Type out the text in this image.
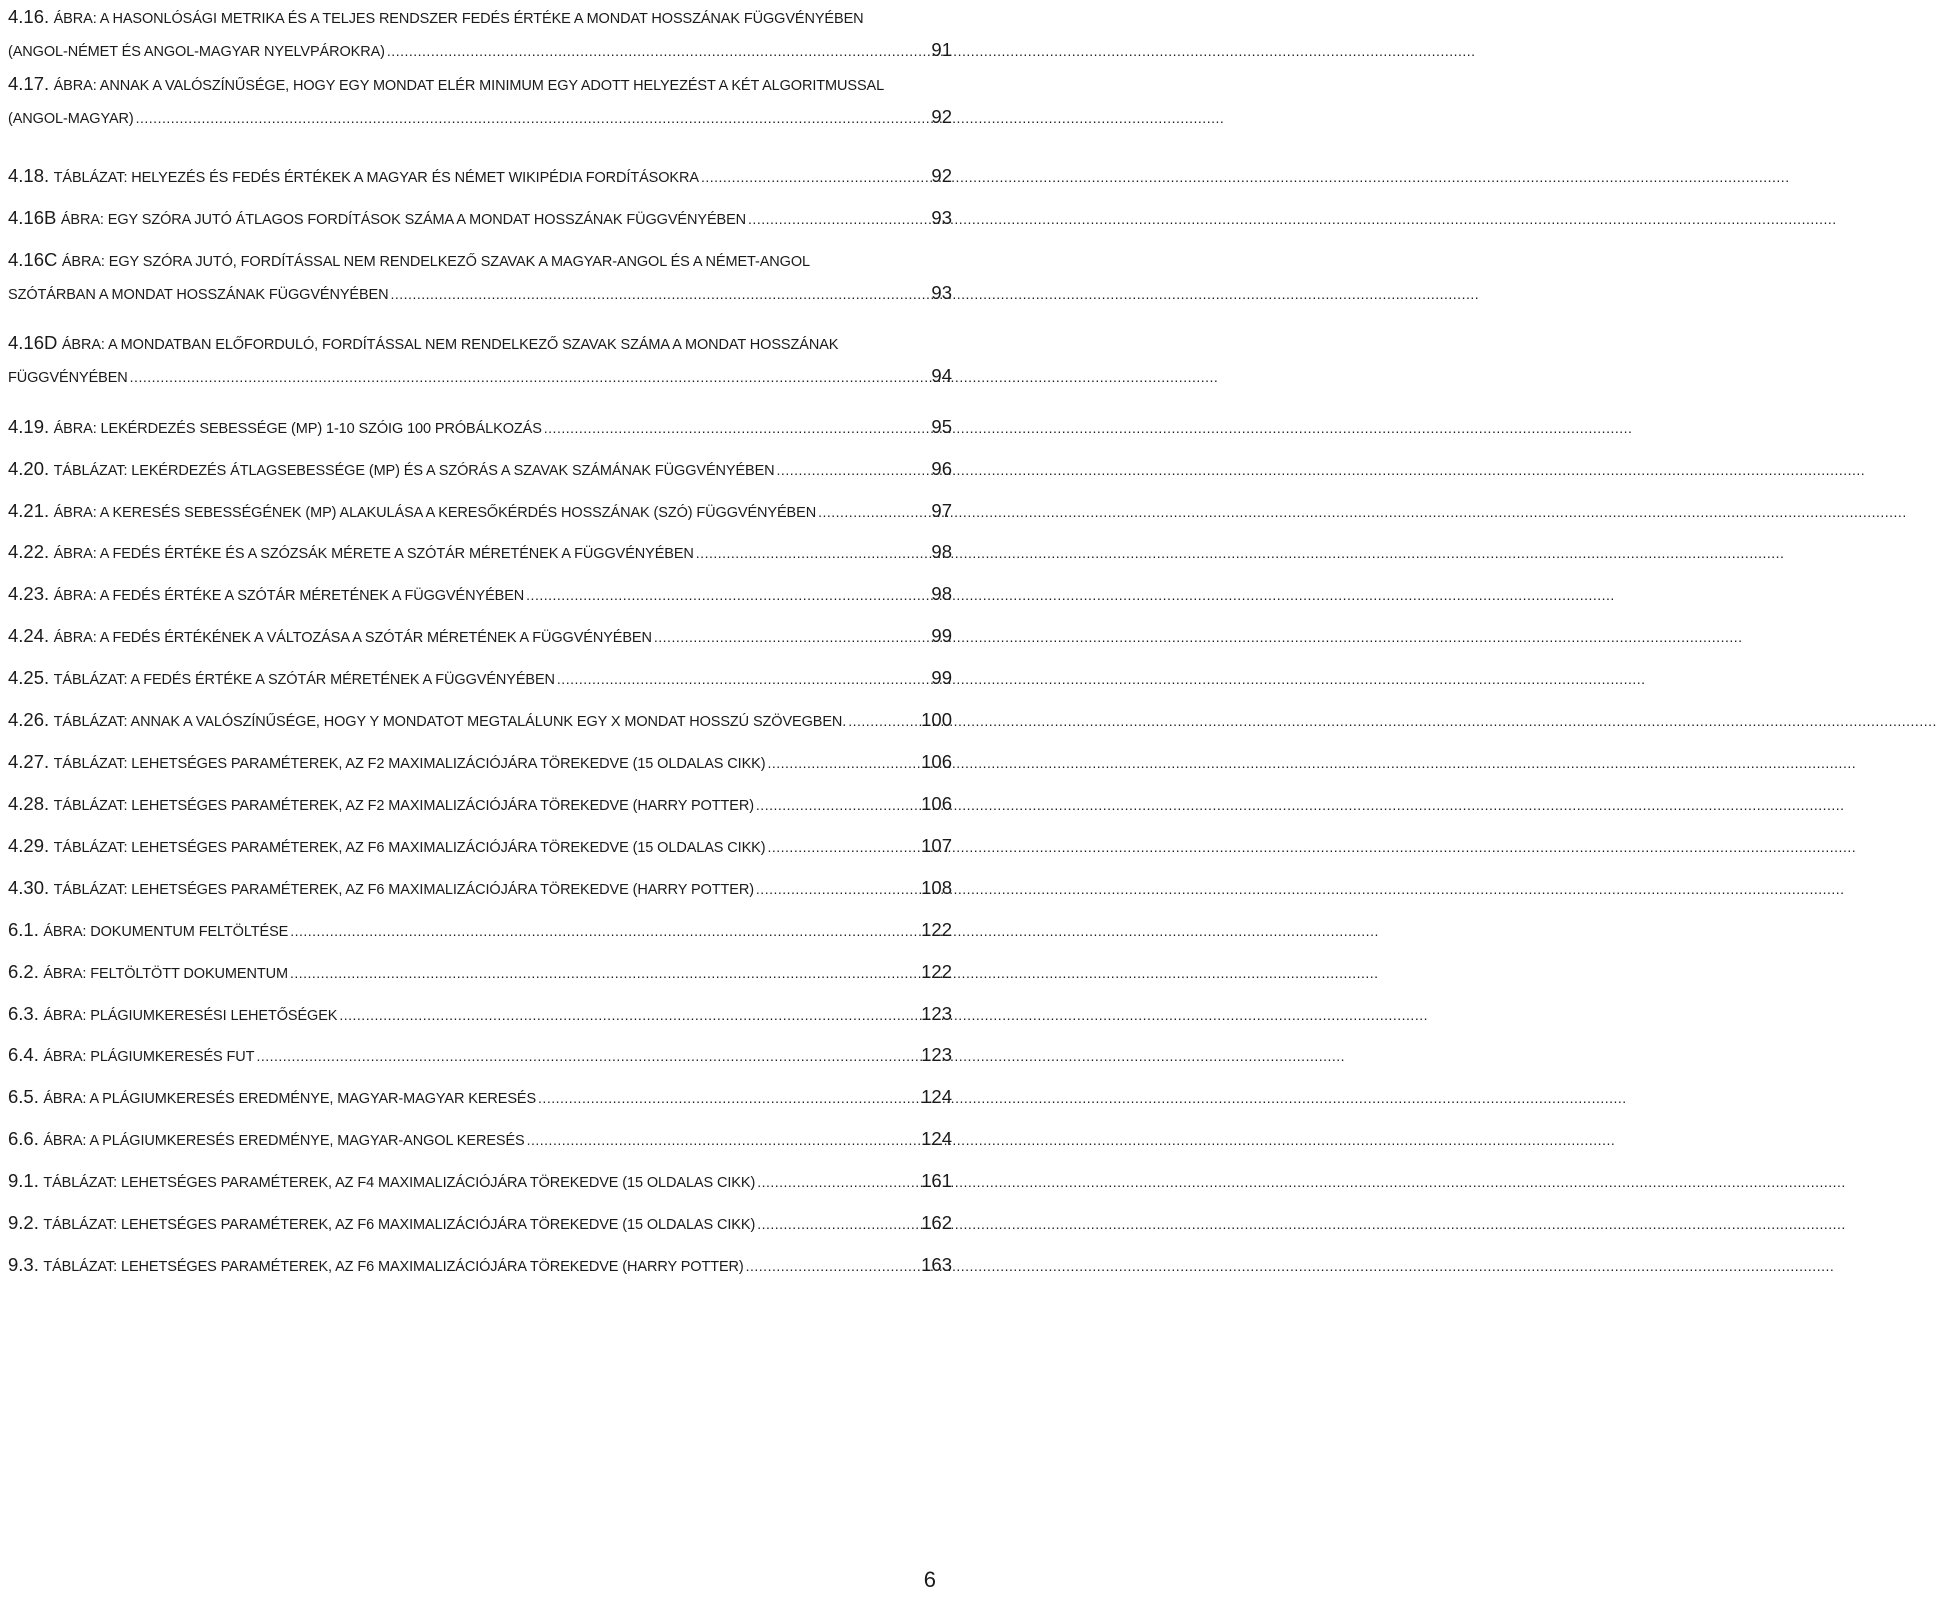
4.16. ÁBRA: A HASONLÓSÁGI METRIKA ÉS A TELJES RENDSZER FEDÉS ÉRTÉKE A MONDAT HOSSZÁNAK FÜGGVÉNYÉBEN
(ANGOL-NÉMET ÉS ANGOL-MAGYAR NYELVPÁROKRA) .....	91
4.17. ÁBRA: ANNAK A VALÓSZÍNŰSÉGE, HOGY EGY MONDAT ELÉR MINIMUM EGY ADOTT HELYEZÉST A KÉT ALGORITMUSSAL
(ANGOL-MAGYAR) .....	92
4.18. TÁBLÁZAT: HELYEZÉS ÉS FEDÉS ÉRTÉKEK A MAGYAR ÉS NÉMET WIKIPÉDIA FORDÍTÁSOKRA .....	92
4.16B ÁBRA: EGY SZÓRA JUTÓ ÁTLAGOS FORDÍTÁSOK SZÁMA A MONDAT HOSSZÁNAK FÜGGVÉNYÉBEN .....	93
4.16C ÁBRA: EGY SZÓRA JUTÓ, FORDÍTÁSSAL NEM RENDELKEZŐ SZAVAK A MAGYAR-ANGOL ÉS A NÉMET-ANGOL
SZÓTÁRBAN A MONDAT HOSSZÁNAK FÜGGVÉNYÉBEN .....	93
4.16D ÁBRA: A MONDATBAN ELŐFORDULÓ, FORDÍTÁSSAL NEM RENDELKEZŐ SZAVAK SZÁMA A MONDAT HOSSZÁNAK
FÜGGVÉNYÉBEN .....	94
4.19. ÁBRA: LEKÉRDEZÉS SEBESSÉGE (MP) 1-10 SZÓIG 100 PRÓBÁLKOZÁS .....	95
4.20. TÁBLÁZAT: LEKÉRDEZÉS ÁTLAGSEBESSÉGE (MP) ÉS A SZÓRÁS A SZAVAK SZÁMÁNAK FÜGGVÉNYÉBEN .....	96
4.21. ÁBRA: A KERESÉS SEBESSÉGÉNEK (MP) ALAKULÁSA A KERESŐKÉRDÉS HOSSZÁNAK (SZÓ) FÜGGVÉNYÉBEN .....	97
4.22. ÁBRA: A FEDÉS ÉRTÉKE ÉS A SZÓZSÁK MÉRETE A SZÓTÁR MÉRETÉNEK A FÜGGVÉNYÉBEN .....	98
4.23. ÁBRA: A FEDÉS ÉRTÉKE A SZÓTÁR MÉRETÉNEK A FÜGGVÉNYÉBEN .....	98
4.24. ÁBRA: A FEDÉS ÉRTÉKÉNEK A VÁLTOZÁSA A SZÓTÁR MÉRETÉNEK A FÜGGVÉNYÉBEN .....	99
4.25. TÁBLÁZAT: A FEDÉS ÉRTÉKE A SZÓTÁR MÉRETÉNEK A FÜGGVÉNYÉBEN .....	99
4.26. TÁBLÁZAT: ANNAK A VALÓSZÍNŰSÉGE, HOGY Y MONDATOT MEGTALÁLUNK EGY X MONDAT HOSSZÚ SZÖVEGBEN. .....	100
4.27. TÁBLÁZAT: LEHETSÉGES PARAMÉTEREK, AZ F2 MAXIMALIZÁCIÓJÁRA TÖREKEDVE (15 OLDALAS CIKK) .....	106
4.28. TÁBLÁZAT: LEHETSÉGES PARAMÉTEREK, AZ F2 MAXIMALIZÁCIÓJÁRA TÖREKEDVE (HARRY POTTER) .....	106
4.29. TÁBLÁZAT: LEHETSÉGES PARAMÉTEREK, AZ F6 MAXIMALIZÁCIÓJÁRA TÖREKEDVE (15 OLDALAS CIKK) .....	107
4.30. TÁBLÁZAT: LEHETSÉGES PARAMÉTEREK, AZ F6 MAXIMALIZÁCIÓJÁRA TÖREKEDVE (HARRY POTTER) .....	108
6.1. ÁBRA: DOKUMENTUM FELTÖLTÉSE .....	122
6.2. ÁBRA: FELTÖLTÖTT DOKUMENTUM .....	122
6.3. ÁBRA: PLÁGIUMKERESÉSI LEHETŐSÉGEK .....	123
6.4. ÁBRA: PLÁGIUMKERESÉS FUT .....	123
6.5. ÁBRA: A PLÁGIUMKERESÉS EREDMÉNYE, MAGYAR-MAGYAR KERESÉS .....	124
6.6. ÁBRA: A PLÁGIUMKERESÉS EREDMÉNYE, MAGYAR-ANGOL KERESÉS .....	124
9.1. TÁBLÁZAT: LEHETSÉGES PARAMÉTEREK, AZ F4 MAXIMALIZÁCIÓJÁRA TÖREKEDVE (15 OLDALAS CIKK) .....	161
9.2. TÁBLÁZAT: LEHETSÉGES PARAMÉTEREK, AZ F6 MAXIMALIZÁCIÓJÁRA TÖREKEDVE (15 OLDALAS CIKK) .....	162
9.3. TÁBLÁZAT: LEHETSÉGES PARAMÉTEREK, AZ F6 MAXIMALIZÁCIÓJÁRA TÖREKEDVE (HARRY POTTER) .....	163
6
